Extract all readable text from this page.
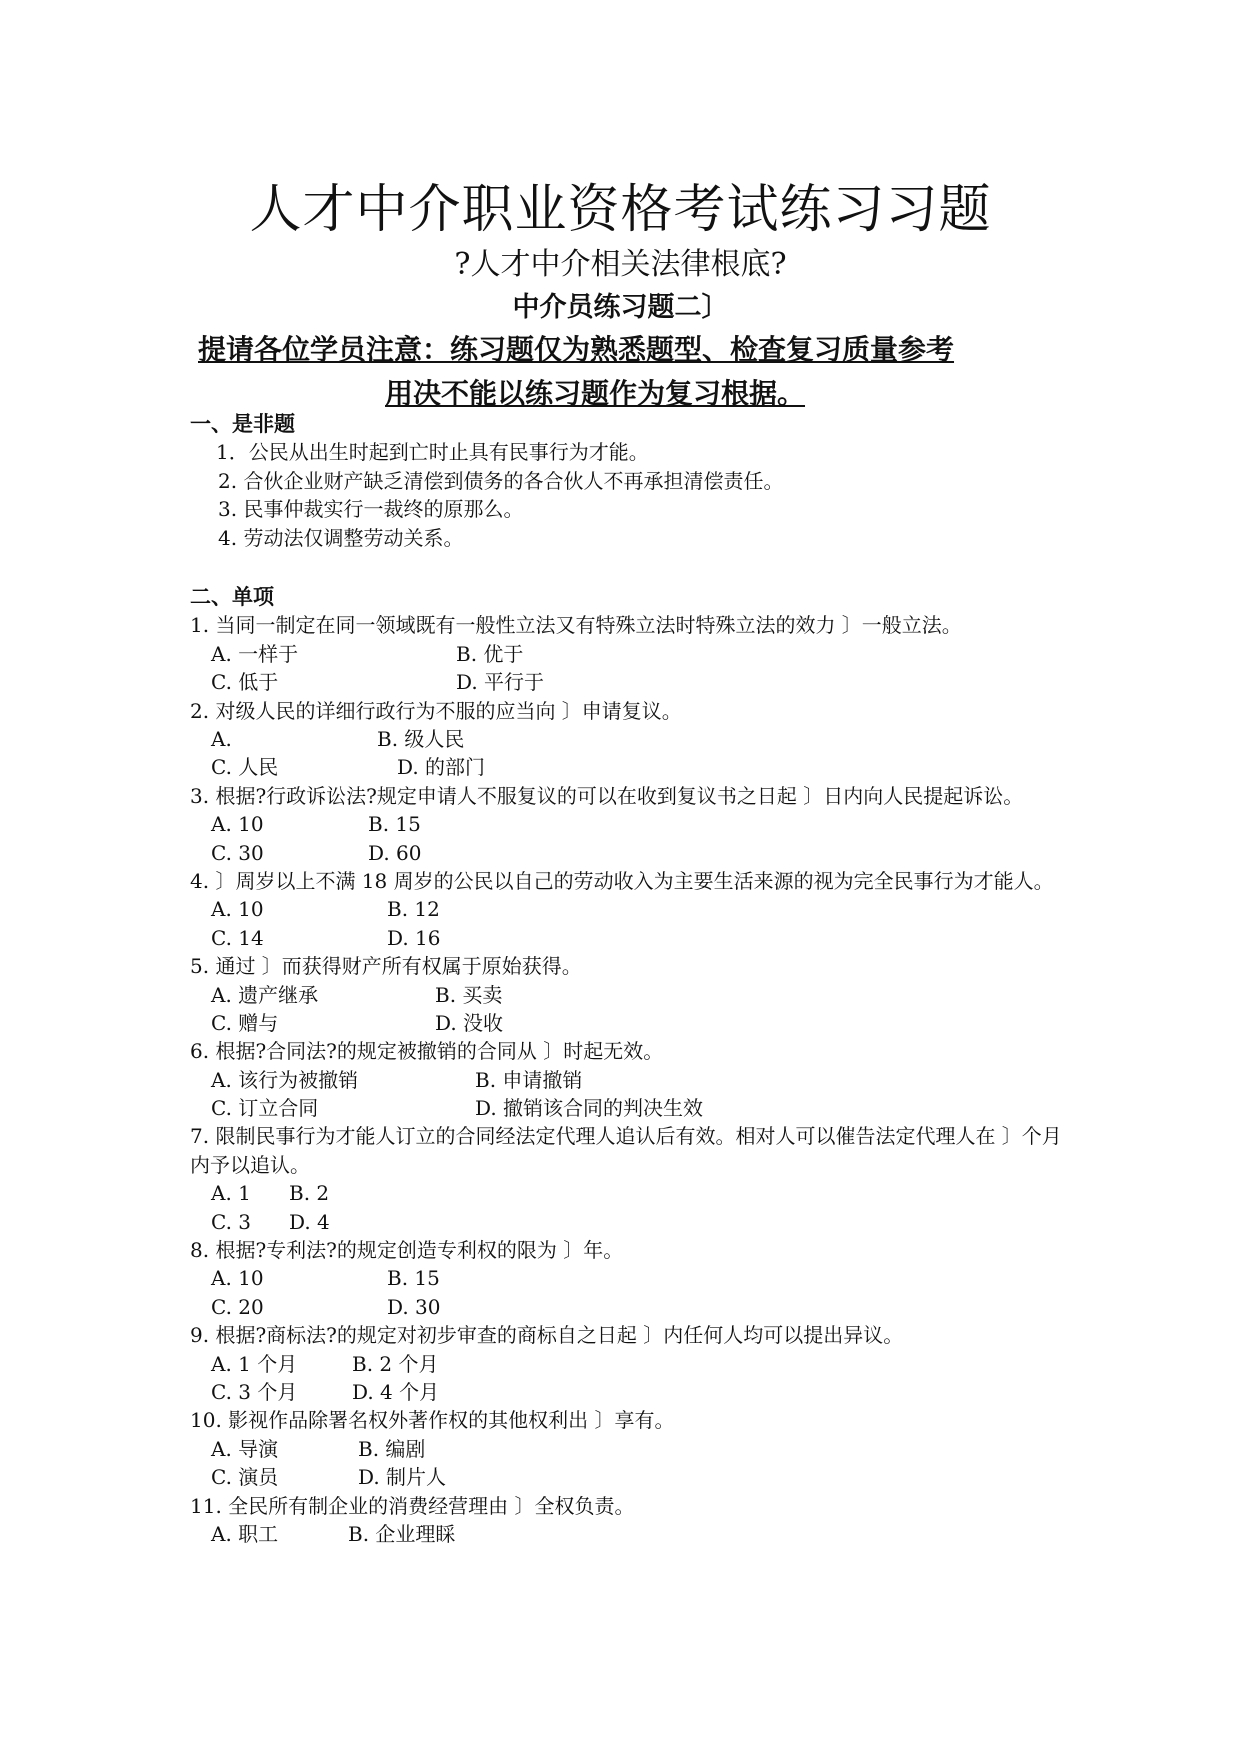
人才中介职业资格考试练习习题
?人才中介相关法律根底?
中介员练习题二〕
提请各位学员注意：练习题仅为熟悉题型、检查复习质量参考
用决不能以练习题作为复习根据。
一、是非题
1．公民从出生时起到亡时止具有民事行为才能。
2. 合伙企业财产缺乏清偿到债务的各合伙人不再承担清偿责任。
3. 民事仲裁实行一裁终的原那么。
4. 劳动法仅调整劳动关系。
二、单项
1. 当同一制定在同一领域既有一般性立法又有特殊立法时特殊立法的效力 〕一般立法。
A. 一样于	B. 优于
C. 低于	D. 平行于
2. 对级人民的详细行政行为不服的应当向 〕申请复议。
A.	B. 级人民
C. 人民	D. 的部门
3. 根据?行政诉讼法?规定申请人不服复议的可以在收到复议书之日起 〕日内向人民提起诉讼。
A. 10	B. 15
C. 30	D. 60
4. 〕周岁以上不满 18 周岁的公民以自己的劳动收入为主要生活来源的视为完全民事行为才能人。
A. 10	B. 12
C. 14	D. 16
5. 通过 〕而获得财产所有权属于原始获得。
A. 遗产继承	B. 买卖
C. 赠与	D. 没收
6. 根据?合同法?的规定被撤销的合同从 〕时起无效。
A. 该行为被撤销	B. 申请撤销
C. 订立合同	D. 撤销该合同的判决生效
7. 限制民事行为才能人订立的合同经法定代理人追认后有效。相对人可以催告法定代理人在 〕个月内予以追认。
A. 1 B. 2
C. 3 D. 4
8. 根据?专利法?的规定创造专利权的限为 〕年。
A. 10	B. 15
C. 20	D. 30
9. 根据?商标法?的规定对初步审查的商标自之日起 〕内任何人均可以提出异议。
A. 1 个月	B. 2 个月
C. 3 个月	D. 4 个月
10. 影视作品除署名权外著作权的其他权利出 〕享有。
A. 导演	B. 编剧
C. 演员	D. 制片人
11. 全民所有制企业的消费经营理由 〕全权负责。
A. 职工	B. 企业理睬
